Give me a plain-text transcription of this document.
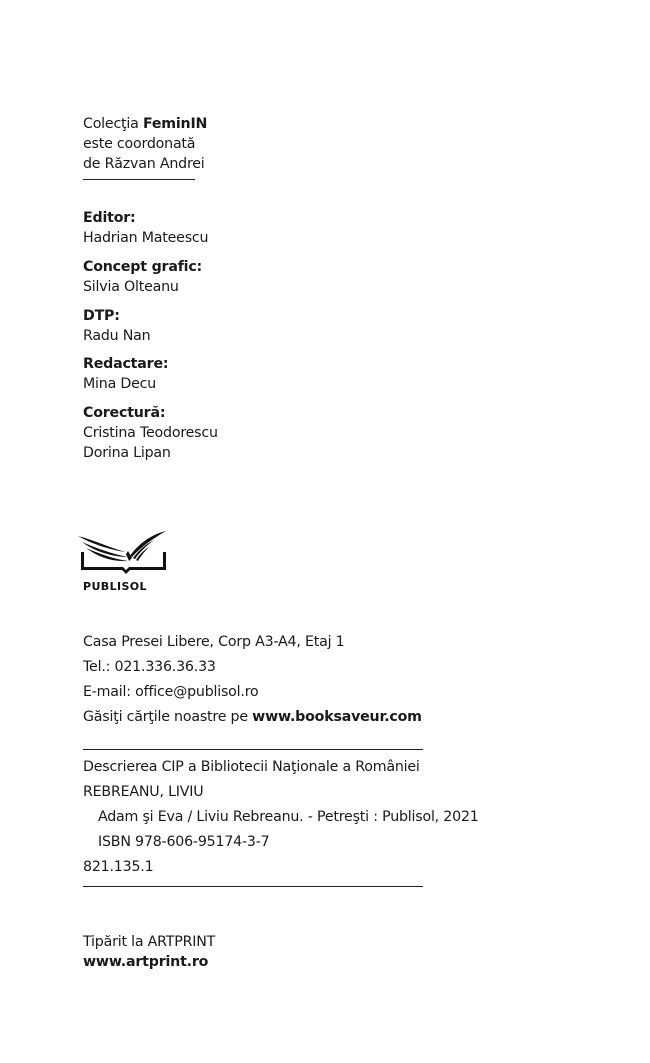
Colecţia FeminIN
este coordonată
de Răzvan Andrei
Editor:
Hadrian Mateescu
Concept grafic:
Silvia Olteanu
DTP:
Radu Nan
Redactare:
Mina Decu
Corectură:
Cristina Teodorescu
Dorina Lipan
PUBLISOL
Casa Presei Libere, Corp A3-A4, Etaj 1
Tel.: 021.336.36.33
E-mail: office@publisol.ro
Găsiţi cărţile noastre pe www.booksaveur.com
Descrierea CIP a Bibliotecii Naţionale a României
REBREANU, LIVIU
Adam şi Eva / Liviu Rebreanu. - Petreşti : Publisol, 2021
ISBN 978-606-95174-3-7
821.135.1
Tipărit la ARTPRINT
www.artprint.ro
